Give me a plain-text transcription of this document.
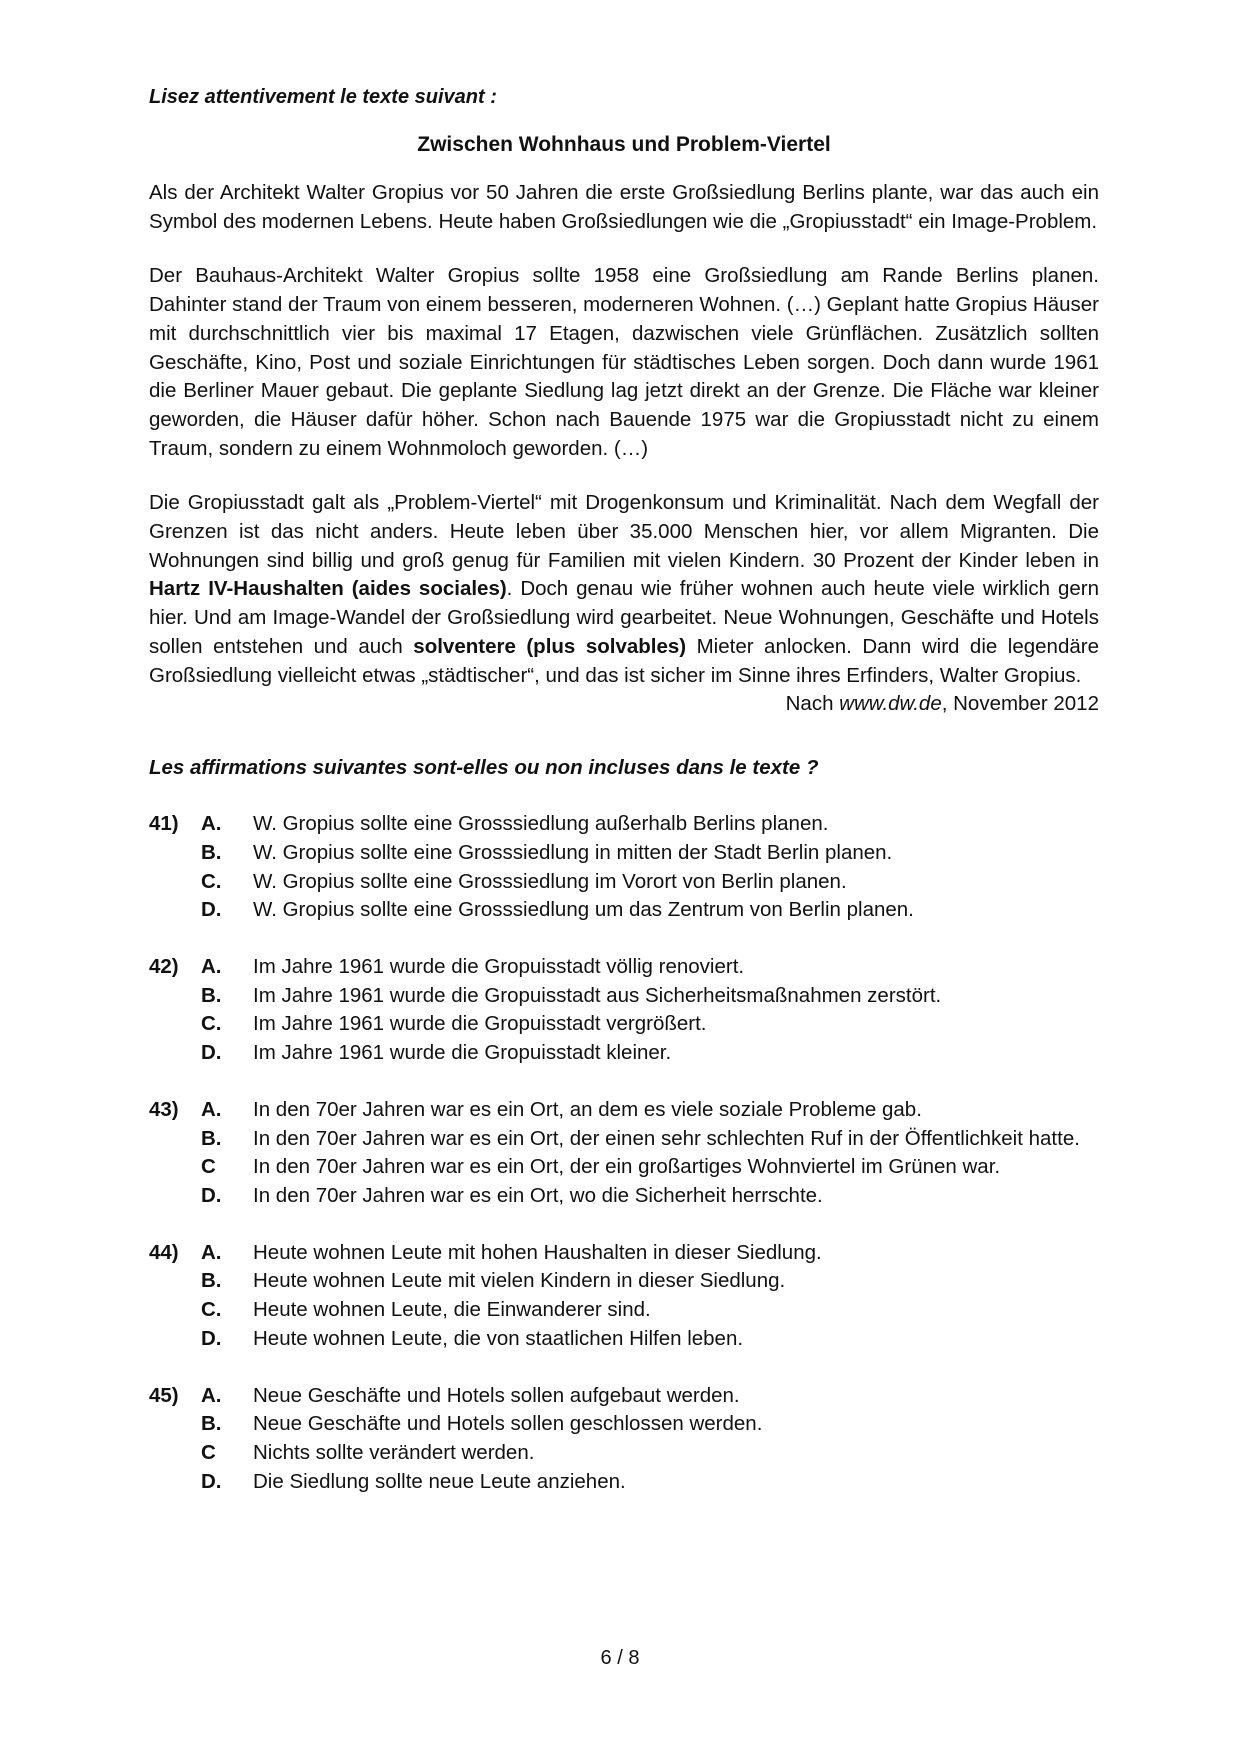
Lisez attentivement le texte suivant :
Zwischen Wohnhaus und Problem-Viertel
Als der Architekt Walter Gropius vor 50 Jahren die erste Großsiedlung Berlins plante, war das auch ein Symbol des modernen Lebens. Heute haben Großsiedlungen wie die „Gropiusstadt“ ein Image-Problem.
Der Bauhaus-Architekt Walter Gropius sollte 1958 eine Großsiedlung am Rande Berlins planen. Dahinter stand der Traum von einem besseren, moderneren Wohnen. (…) Geplant hatte Gropius Häuser mit durchschnittlich vier bis maximal 17 Etagen, dazwischen viele Grünflächen. Zusätzlich sollten Geschäfte, Kino, Post und soziale Einrichtungen für städtisches Leben sorgen. Doch dann wurde 1961 die Berliner Mauer gebaut. Die geplante Siedlung lag jetzt direkt an der Grenze. Die Fläche war kleiner geworden, die Häuser dafür höher. Schon nach Bauende 1975 war die Gropiusstadt nicht zu einem Traum, sondern zu einem Wohnmoloch geworden. (…)
Die Gropiusstadt galt als „Problem-Viertel“ mit Drogenkonsum und Kriminalität. Nach dem Wegfall der Grenzen ist das nicht anders. Heute leben über 35.000 Menschen hier, vor allem Migranten. Die Wohnungen sind billig und groß genug für Familien mit vielen Kindern. 30 Prozent der Kinder leben in Hartz IV-Haushalten (aides sociales). Doch genau wie früher wohnen auch heute viele wirklich gern hier. Und am Image-Wandel der Großsiedlung wird gearbeitet. Neue Wohnungen, Geschäfte und Hotels sollen entstehen und auch solventere (plus solvables) Mieter anlocken. Dann wird die legendäre Großsiedlung vielleicht etwas „städtischer“, und das ist sicher im Sinne ihres Erfinders, Walter Gropius.
Nach www.dw.de, November 2012
Les affirmations suivantes sont-elles ou non incluses dans le texte ?
41)	A.	W. Gropius sollte eine Grosssiedlung außerhalb Berlins planen.
B.	W. Gropius sollte eine Grosssiedlung in mitten der Stadt Berlin planen.
C.	W. Gropius sollte eine Grosssiedlung im Vorort von Berlin planen.
D.	W. Gropius sollte eine Grosssiedlung um das Zentrum von Berlin planen.
42)	A.	Im Jahre 1961 wurde die Gropuisstadt völlig renoviert.
B.	Im Jahre 1961 wurde die Gropuisstadt aus Sicherheitsmaßnahmen zerstört.
C.	Im Jahre 1961 wurde die Gropuisstadt vergrößert.
D.	Im Jahre 1961 wurde die Gropuisstadt kleiner.
43)	A.	In den 70er Jahren war es ein Ort, an dem es viele soziale Probleme gab.
B.	In den 70er Jahren war es ein Ort, der einen sehr schlechten Ruf in der Öffentlichkeit hatte.
C	In den 70er Jahren war es ein Ort, der ein großartiges Wohnviertel im Grünen war.
D.	In den 70er Jahren war es ein Ort, wo die Sicherheit herrschte.
44)	A.	Heute wohnen Leute mit hohen Haushalten in dieser Siedlung.
B.	Heute wohnen Leute mit vielen Kindern in dieser Siedlung.
C.	Heute wohnen Leute, die Einwanderer sind.
D.	Heute wohnen Leute, die von staatlichen Hilfen leben.
45)	A.	Neue Geschäfte und Hotels sollen aufgebaut werden.
B.	Neue Geschäfte und Hotels sollen geschlossen werden.
C	Nichts sollte verändert werden.
D.	Die Siedlung sollte neue Leute anziehen.
6 / 8
